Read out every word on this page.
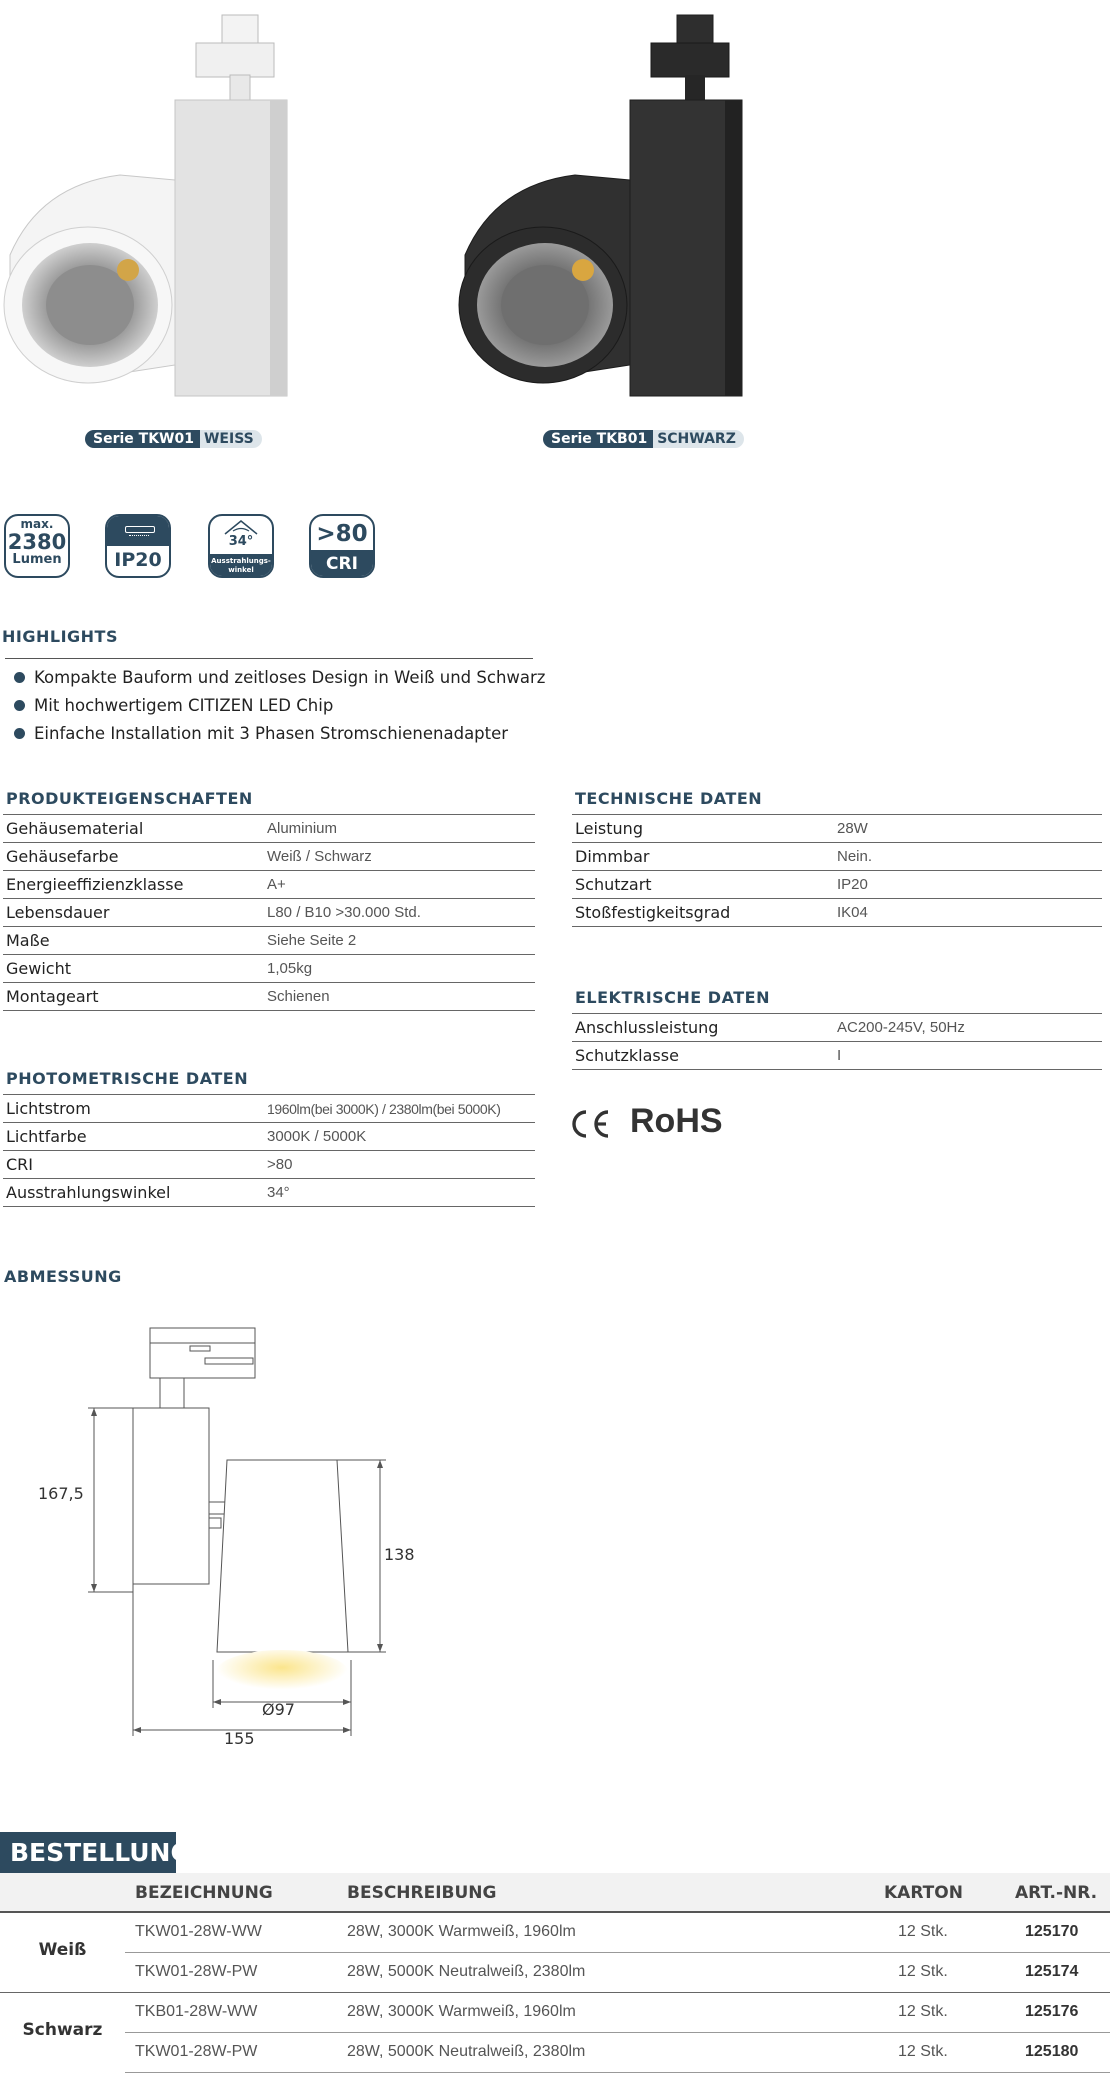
Serie TKW01 WEISS	Serie TKB01 SCHWARZ
max.
2380
Lumen	IP20
34°
Ausstrahlungs-
winkel
>80
CRI
HIGHLIGHTS
Kompakte Bauform und zeitloses Design in Weiß und Schwarz
Mit hochwertigem CITIZEN LED Chip
Einfache Installation mit 3 Phasen Stromschienenadapter
PRODUKTEIGENSCHAFTEN
Gehäusematerial	Aluminium
Gehäusefarbe	Weiß / Schwarz
Energieeffizienzklasse	A+
Lebensdauer	L80 / B10 >30.000 Std.
Maße	Siehe Seite 2
Gewicht	1,05kg
Montageart	Schienen
PHOTOMETRISCHE DATEN
Lichtstrom	1960lm(bei 3000K) / 2380lm(bei 5000K)
Lichtfarbe	3000K / 5000K
CRI	>80
Ausstrahlungswinkel	34°
TECHNISCHE DATEN
Leistung	28W
Dimmbar	Nein.
Schutzart	IP20
Stoßfestigkeitsgrad	IK04
ELEKTRISCHE DATEN
Anschlussleistung	AC200-245V, 50Hz
Schutzklasse	I
RoHS
ABMESSUNG
167,5
138
Ø97
155
BESTELLUNG
BEZEICHNUNG	BESCHREIBUNG	KARTON	ART.-NR.
Weiß
TKW01-28W-WW	28W, 3000K Warmweiß, 1960lm	12 Stk.	125170
TKW01-28W-PW	28W, 5000K Neutralweiß, 2380lm	12 Stk.	125174
Schwarz
TKB01-28W-WW	28W, 3000K Warmweiß, 1960lm	12 Stk.	125176
TKW01-28W-PW	28W, 5000K Neutralweiß, 2380lm	12 Stk.	125180
